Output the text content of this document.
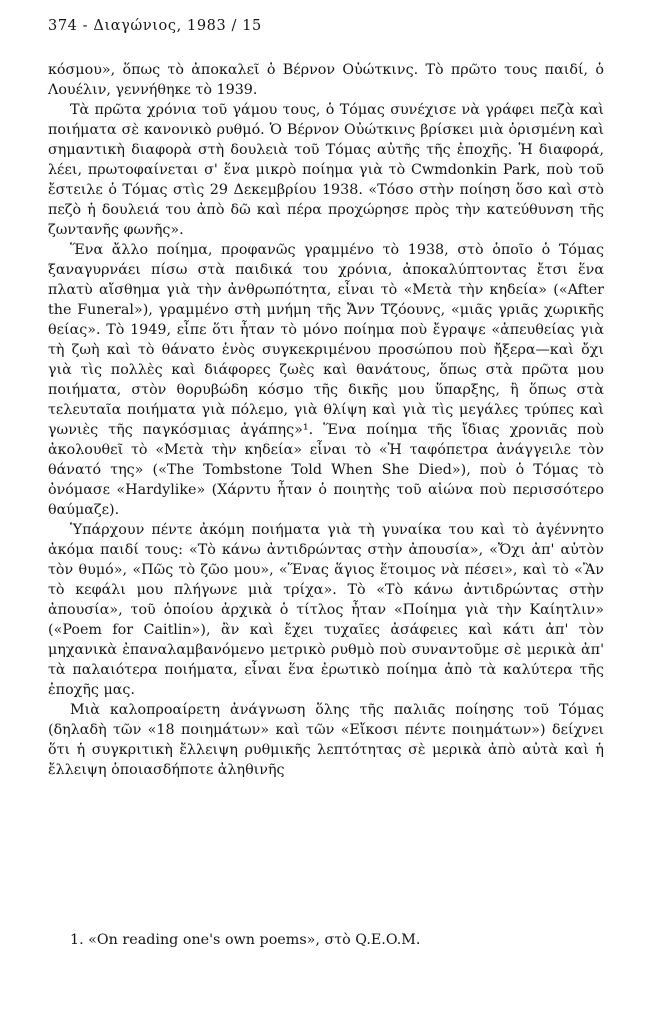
374 - Διαγώνιος, 1983 / 15

κόσμου», ὅπως τὸ ἀποκαλεῖ ὁ Βέρνον Οὐώτκινς. Τὸ πρῶτο τους παιδί, ὁ Λουέλιν, γεννήθηκε τὸ 1939.

Τὰ πρῶτα χρόνια τοῦ γάμου τους, ὁ Τόμας συνέχισε νὰ γράφει πεζὰ καὶ ποιήματα σὲ κανονικὸ ρυθμό. Ὁ Βέρνον Οὐώτκινς βρίσκει μιὰ ὁρισμένη καὶ σημαντικὴ διαφορὰ στὴ δουλειὰ τοῦ Τόμας αὐτῆς τῆς ἐποχῆς. Ἡ διαφορά, λέει, πρωτοφαίνεται σ' ἕνα μικρὸ ποίημα γιὰ τὸ Cwmdonkin Park, ποὺ τοῦ ἔστειλε ὁ Τόμας στὶς 29 Δεκεμβρίου 1938. «Τόσο στὴν ποίηση ὅσο καὶ στὸ πεζὸ ἡ δουλειά του ἀπὸ δῶ καὶ πέρα προχώρησε πρὸς τὴν κατεύθυνση τῆς ζωντανῆς φωνῆς».

Ἕνα ἄλλο ποίημα, προφανῶς γραμμένο τὸ 1938, στὸ ὁποῖο ὁ Τόμας ξαναγυρνάει πίσω στὰ παιδικά του χρόνια, ἀποκαλύπτοντας ἔτσι ἕνα πλατὺ αἴσθημα γιὰ τὴν ἀνθρωπότητα, εἶναι τὸ «Μετὰ τὴν κηδεία» («After the Funeral»), γραμμένο στὴ μνήμη τῆς Ἄνν Τζόουνς, «μιᾶς γριᾶς χωρικῆς θείας». Τὸ 1949, εἶπε ὅτι ἦταν τὸ μόνο ποίημα ποὺ ἔγραψε «ἀπευθείας γιὰ τὴ ζωὴ καὶ τὸ θάνατο ἑνὸς συγκεκριμένου προσώπου ποὺ ἤξερα—καὶ ὄχι γιὰ τὶς πολλὲς καὶ διάφορες ζωὲς καὶ θανάτους, ὅπως στὰ πρῶτα μου ποιήματα, στὸν θορυβώδη κόσμο τῆς δικῆς μου ὕπαρξης, ἢ ὅπως στὰ τελευταῖα ποιήματα γιὰ πόλεμο, γιὰ θλίψη καὶ γιὰ τὶς μεγάλες τρύπες καὶ γωνιὲς τῆς παγκόσμιας ἀγάπης»¹. Ἕνα ποίημα τῆς ἴδιας χρονιᾶς ποὺ ἀκολουθεῖ τὸ «Μετὰ τὴν κηδεία» εἶναι τὸ «Ἡ ταφόπετρα ἀνάγγειλε τὸν θάνατό της» («The Tombstone Told When She Died»), ποὺ ὁ Τόμας τὸ ὀνόμασε «Hardylike» (Χάρντυ ἦταν ὁ ποιητὴς τοῦ αἰώνα ποὺ περισσότερο θαύμαζε).

Ὑπάρχουν πέντε ἀκόμη ποιήματα γιὰ τὴ γυναίκα του καὶ τὸ ἀγέννητο ἀκόμα παιδί τους: «Τὸ κάνω ἀντιδρώντας στὴν ἀπουσία», «Ὄχι ἀπ' αὐτὸν τὸν θυμό», «Πῶς τὸ ζῶο μου», «Ἕνας ἅγιος ἕτοιμος νὰ πέσει», καὶ τὸ «Ἂν τὸ κεφάλι μου πλήγωνε μιὰ τρίχα». Τὸ «Τὸ κάνω ἀντιδρώντας στὴν ἀπουσία», τοῦ ὁποίου ἀρχικὰ ὁ τίτλος ἦταν «Ποίημα γιὰ τὴν Καίητλιν» («Poem for Caitlin»), ἂν καὶ ἔχει τυχαῖες ἀσάφειες καὶ κάτι ἀπ' τὸν μηχανικὰ ἐπαναλαμβανόμενο μετρικὸ ρυθμὸ ποὺ συναντοῦμε σὲ μερικὰ ἀπ' τὰ παλαιότερα ποιήματα, εἶναι ἕνα ἐρωτικὸ ποίημα ἀπὸ τὰ καλύτερα τῆς ἐποχῆς μας.

Μιὰ καλοπροαίρετη ἀνάγνωση ὅλης τῆς παλιᾶς ποίησης τοῦ Τόμας (δηλαδὴ τῶν «18 ποιημάτων» καὶ τῶν «Εἴκοσι πέντε ποιημάτων») δείχνει ὅτι ἡ συγκριτικὴ ἔλλειψη ρυθμικῆς λεπτότητας σὲ μερικὰ ἀπὸ αὐτὰ καὶ ἡ ἔλλειψη ὁποιασδήποτε ἀληθινῆς

1. «On reading one's own poems», στὸ Q.E.O.M.
